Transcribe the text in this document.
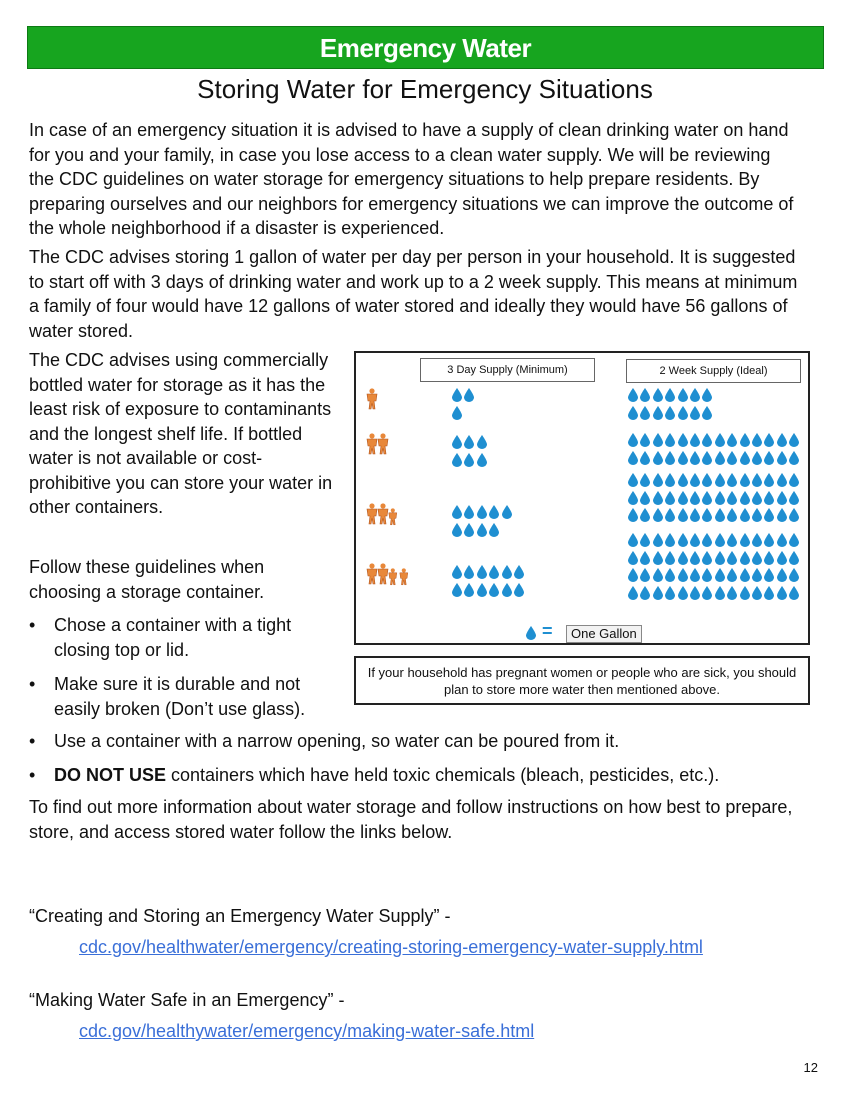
Emergency Water
Storing Water for Emergency Situations

In case of an emergency situation it is advised to have a supply of clean drinking water on hand for you and your family, in case you lose access to a clean water supply. We will be reviewing the CDC guidelines on water storage for emergency situations to help prepare residents. By preparing ourselves and our neighbors for emergency situations we can improve the outcome of the whole neighborhood if a disaster is experienced.

The CDC advises storing 1 gallon of water per day per person in your household. It is suggested to start off with 3 days of drinking water and work up to a 2 week supply. This means at minimum a family of four would have 12 gallons of water stored and ideally they would have 56 gallons of water stored.

The CDC advises using commercially bottled water for storage as it has the least risk of exposure to contaminants and the longest shelf life. If bottled water is not available or cost-prohibitive you can store your water in other containers.

Follow these guidelines when choosing a storage container.

•	Chose a container with a tight closing top or lid.
•	Make sure it is durable and not easily broken (Don’t use glass).
•	Use a container with a narrow opening, so water can be poured from it.
•	DO NOT USE containers which have held toxic chemicals (bleach, pesticides, etc.).

To find out more information about water storage and follow instructions on how best to prepare, store, and access stored water follow the links below.

3 Day Supply (Minimum)	2 Week Supply (Ideal)
=	One Gallon
If your household has pregnant women or people who are sick, you should plan to store more water then mentioned above.
“Creating and Storing an Emergency Water Supply” -
cdc.gov/healthwater/emergency/creating-storing-emergency-water-supply.html
“Making Water Safe in an Emergency” -
cdc.gov/healthywater/emergency/making-water-safe.html
12
